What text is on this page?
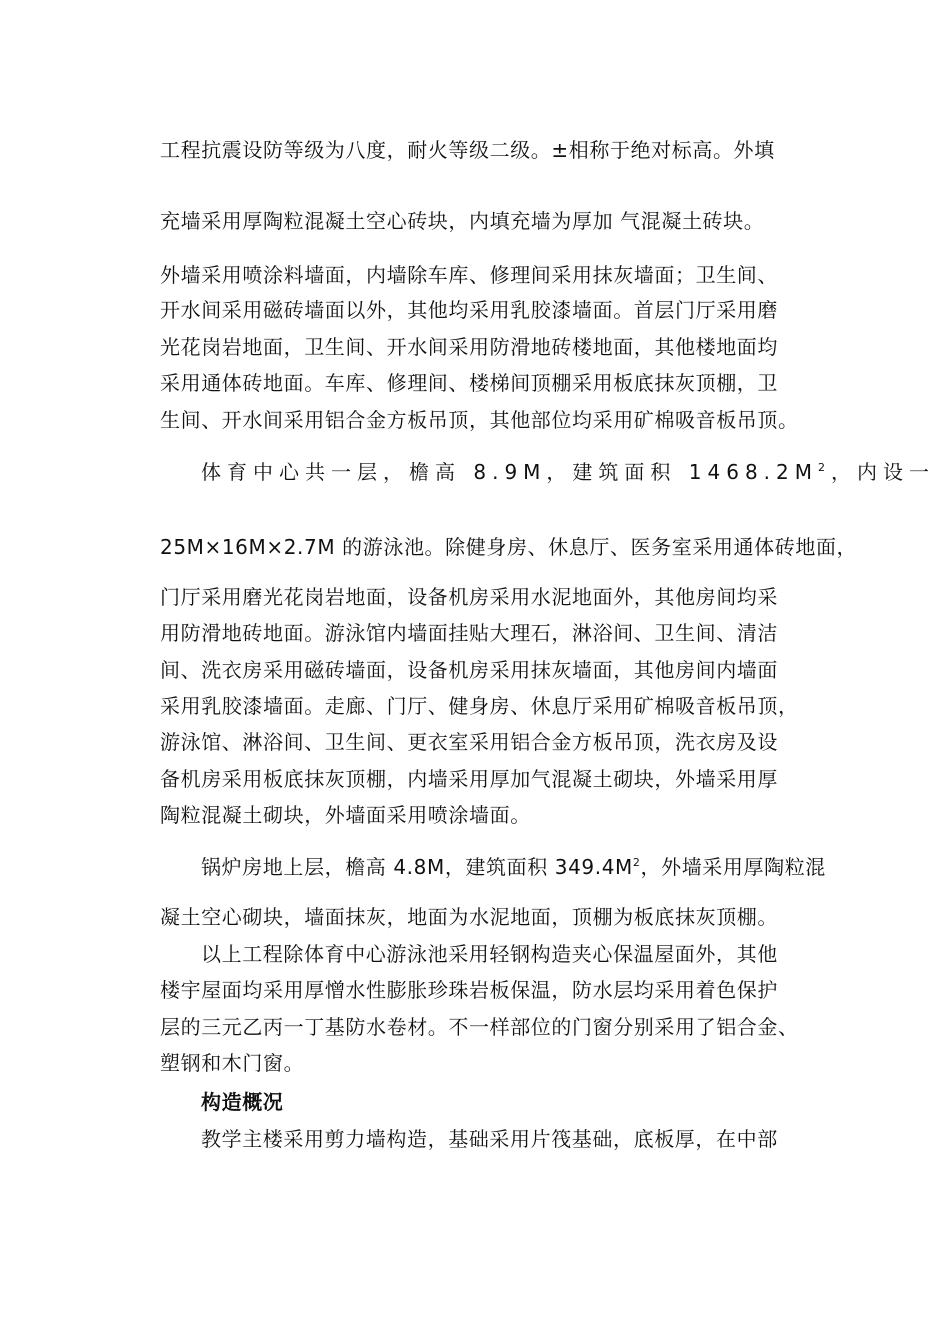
工程抗震设防等级为八度，耐火等级二级。±相称于绝对标高。外填
充墙采用厚陶粒混凝土空心砖块，内填充墙为厚加 气混凝土砖块。
外墙采用喷涂料墙面，内墙除车库、修理间采用抹灰墙面；卫生间、
开水间采用磁砖墙面以外，其他均采用乳胶漆墙面。首层门厅采用磨
光花岗岩地面，卫生间、开水间采用防滑地砖楼地面，其他楼地面均
采用通体砖地面。车库、修理间、楼梯间顶棚采用板底抹灰顶棚，卫
生间、开水间采用铝合金方板吊顶，其他部位均采用矿棉吸音板吊顶。
体育中心共一层，檐高 8.9M，建筑面积 $1468.2M^2$，内设一
25M×16M×2.7M 的游泳池。除健身房、休息厅、医务室采用通体砖地面，
门厅采用磨光花岗岩地面，设备机房采用水泥地面外，其他房间均采
用防滑地砖地面。游泳馆内墙面挂贴大理石，淋浴间、卫生间、清洁
间、洗衣房采用磁砖墙面，设备机房采用抹灰墙面，其他房间内墙面
采用乳胶漆墙面。走廊、门厅、健身房、休息厅采用矿棉吸音板吊顶，
游泳馆、淋浴间、卫生间、更衣室采用铝合金方板吊顶，洗衣房及设
备机房采用板底抹灰顶棚，内墙采用厚加气混凝土砌块，外墙采用厚
陶粒混凝土砌块，外墙面采用喷涂墙面。
锅炉房地上层，檐高 4.8M，建筑面积 $349.4M^2$，外墙采用厚陶粒混
凝土空心砌块，墙面抹灰，地面为水泥地面，顶棚为板底抹灰顶棚。
以上工程除体育中心游泳池采用轻钢构造夹心保温屋面外，其他
楼宇屋面均采用厚憎水性膨胀珍珠岩板保温，防水层均采用着色保护
层的三元乙丙一丁基防水卷材。不一样部位的门窗分别采用了铝合金、
塑钢和木门窗。
构造概况
教学主楼采用剪力墙构造，基础采用片筏基础，底板厚，在中部
